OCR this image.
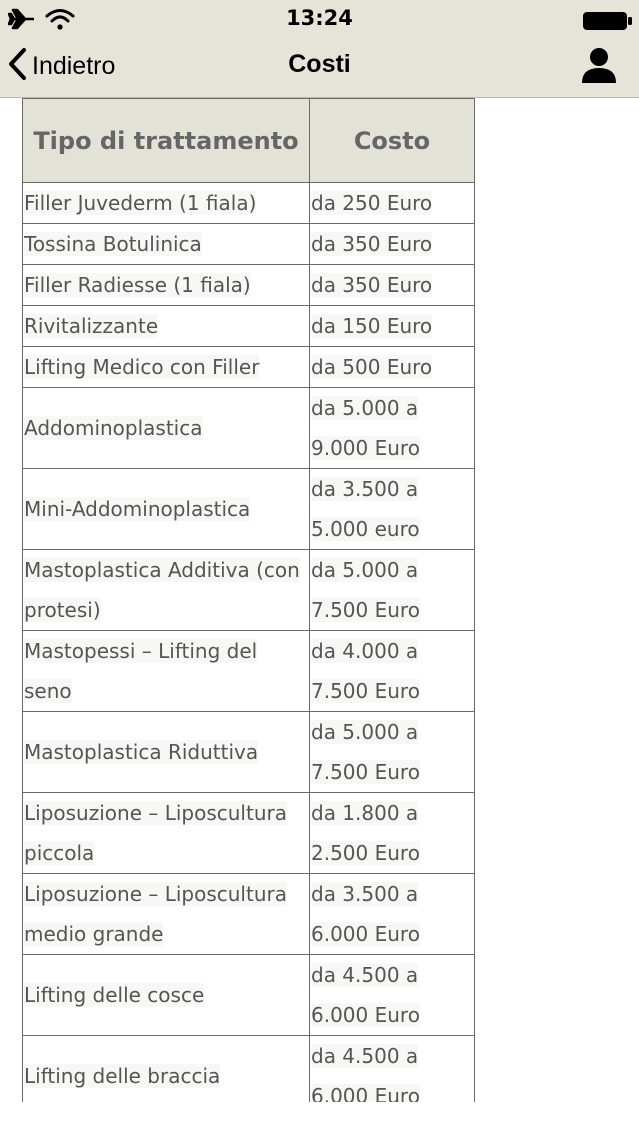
13:24
Indietro	Costi
Tipo di trattamento	Costo
Filler Juvederm (1 fiala)	da 250 Euro
Tossina Botulinica	da 350 Euro
Filler Radiesse (1 fiala)	da 350 Euro
Rivitalizzante	da 150 Euro
Lifting Medico con Filler	da 500 Euro
Addominoplastica	da 5.000 a 9.000 Euro
Mini-Addominoplastica	da 3.500 a 5.000 euro
Mastoplastica Additiva (con protesi)	da 5.000 a 7.500 Euro
Mastopessi – Lifting del seno	da 4.000 a 7.500 Euro
Mastoplastica Riduttiva	da 5.000 a 7.500 Euro
Liposuzione – Liposcultura piccola	da 1.800 a 2.500 Euro
Liposuzione – Liposcultura medio grande	da 3.500 a 6.000 Euro
Lifting delle cosce	da 4.500 a 6.000 Euro
Lifting delle braccia	da 4.500 a 6.000 Euro
